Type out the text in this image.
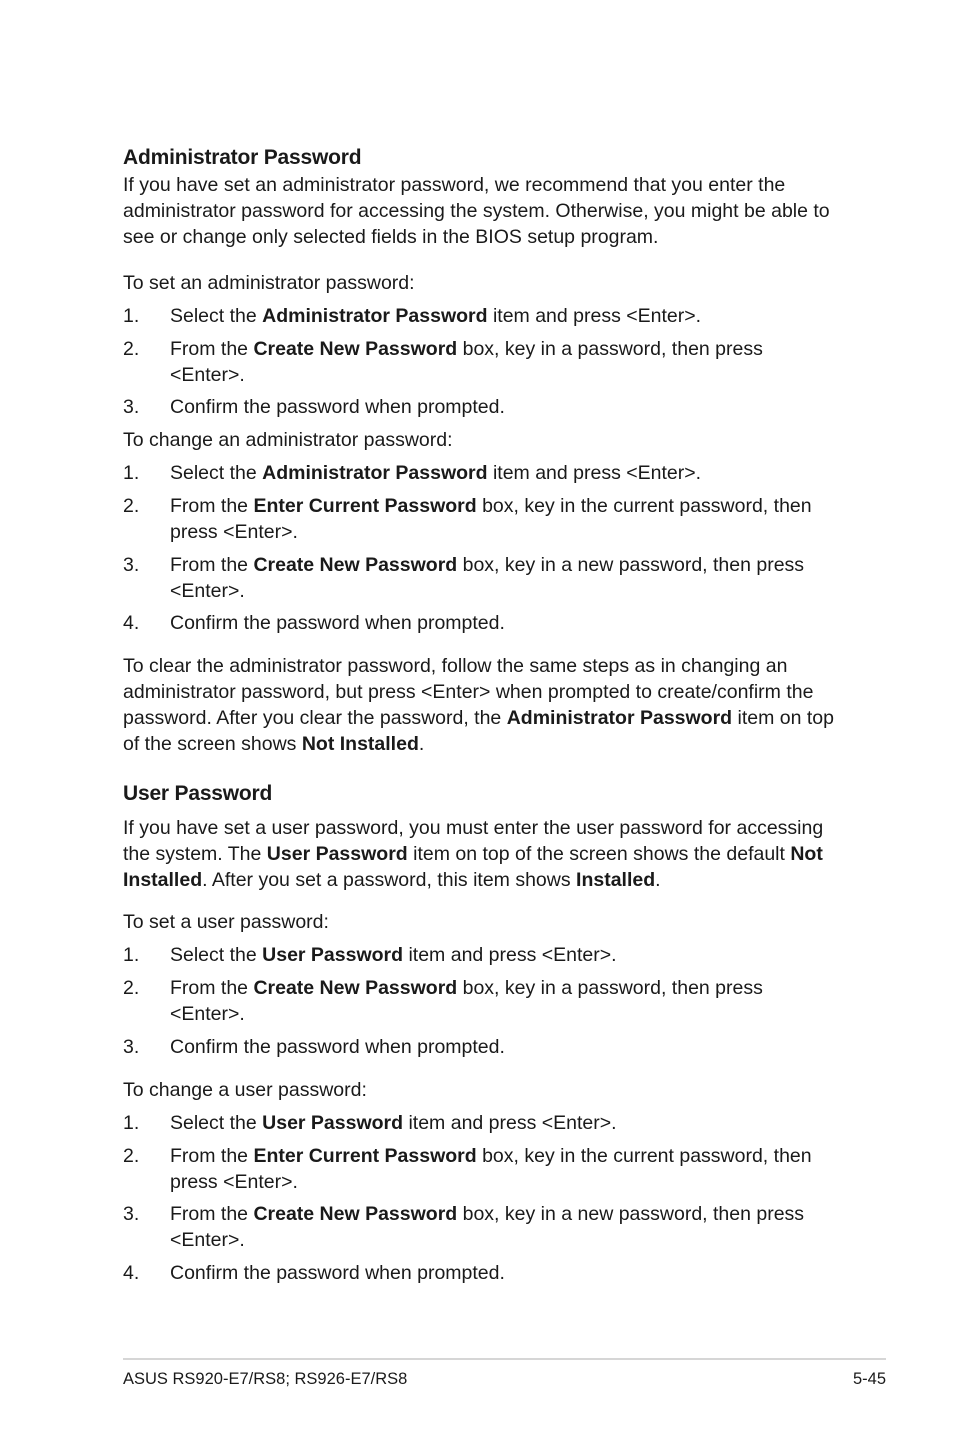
Administrator Password
If you have set an administrator password, we recommend that you enter the administrator password for accessing the system. Otherwise, you might be able to see or change only selected fields in the BIOS setup program.
To set an administrator password:
1.	Select the Administrator Password item and press <Enter>.
2.	From the Create New Password box, key in a password, then press <Enter>.
3.	Confirm the password when prompted.
To change an administrator password:
1.	Select the Administrator Password item and press <Enter>.
2.	From the Enter Current Password box, key in the current password, then press <Enter>.
3.	From the Create New Password box, key in a new password, then press <Enter>.
4.	Confirm the password when prompted.
To clear the administrator password, follow the same steps as in changing an administrator password, but press <Enter> when prompted to create/confirm the password. After you clear the password, the Administrator Password item on top of the screen shows Not Installed.
User Password
If you have set a user password, you must enter the user password for accessing the system. The User Password item on top of the screen shows the default Not Installed. After you set a password, this item shows Installed.
To set a user password:
1.	Select the User Password item and press <Enter>.
2.	From the Create New Password box, key in a password, then press <Enter>.
3.	Confirm the password when prompted.
To change a user password:
1.	Select the User Password item and press <Enter>.
2.	From the Enter Current Password box, key in the current password, then press <Enter>.
3.	From the Create New Password box, key in a new password, then press <Enter>.
4.	Confirm the password when prompted.
ASUS RS920-E7/RS8; RS926-E7/RS8	5-45
